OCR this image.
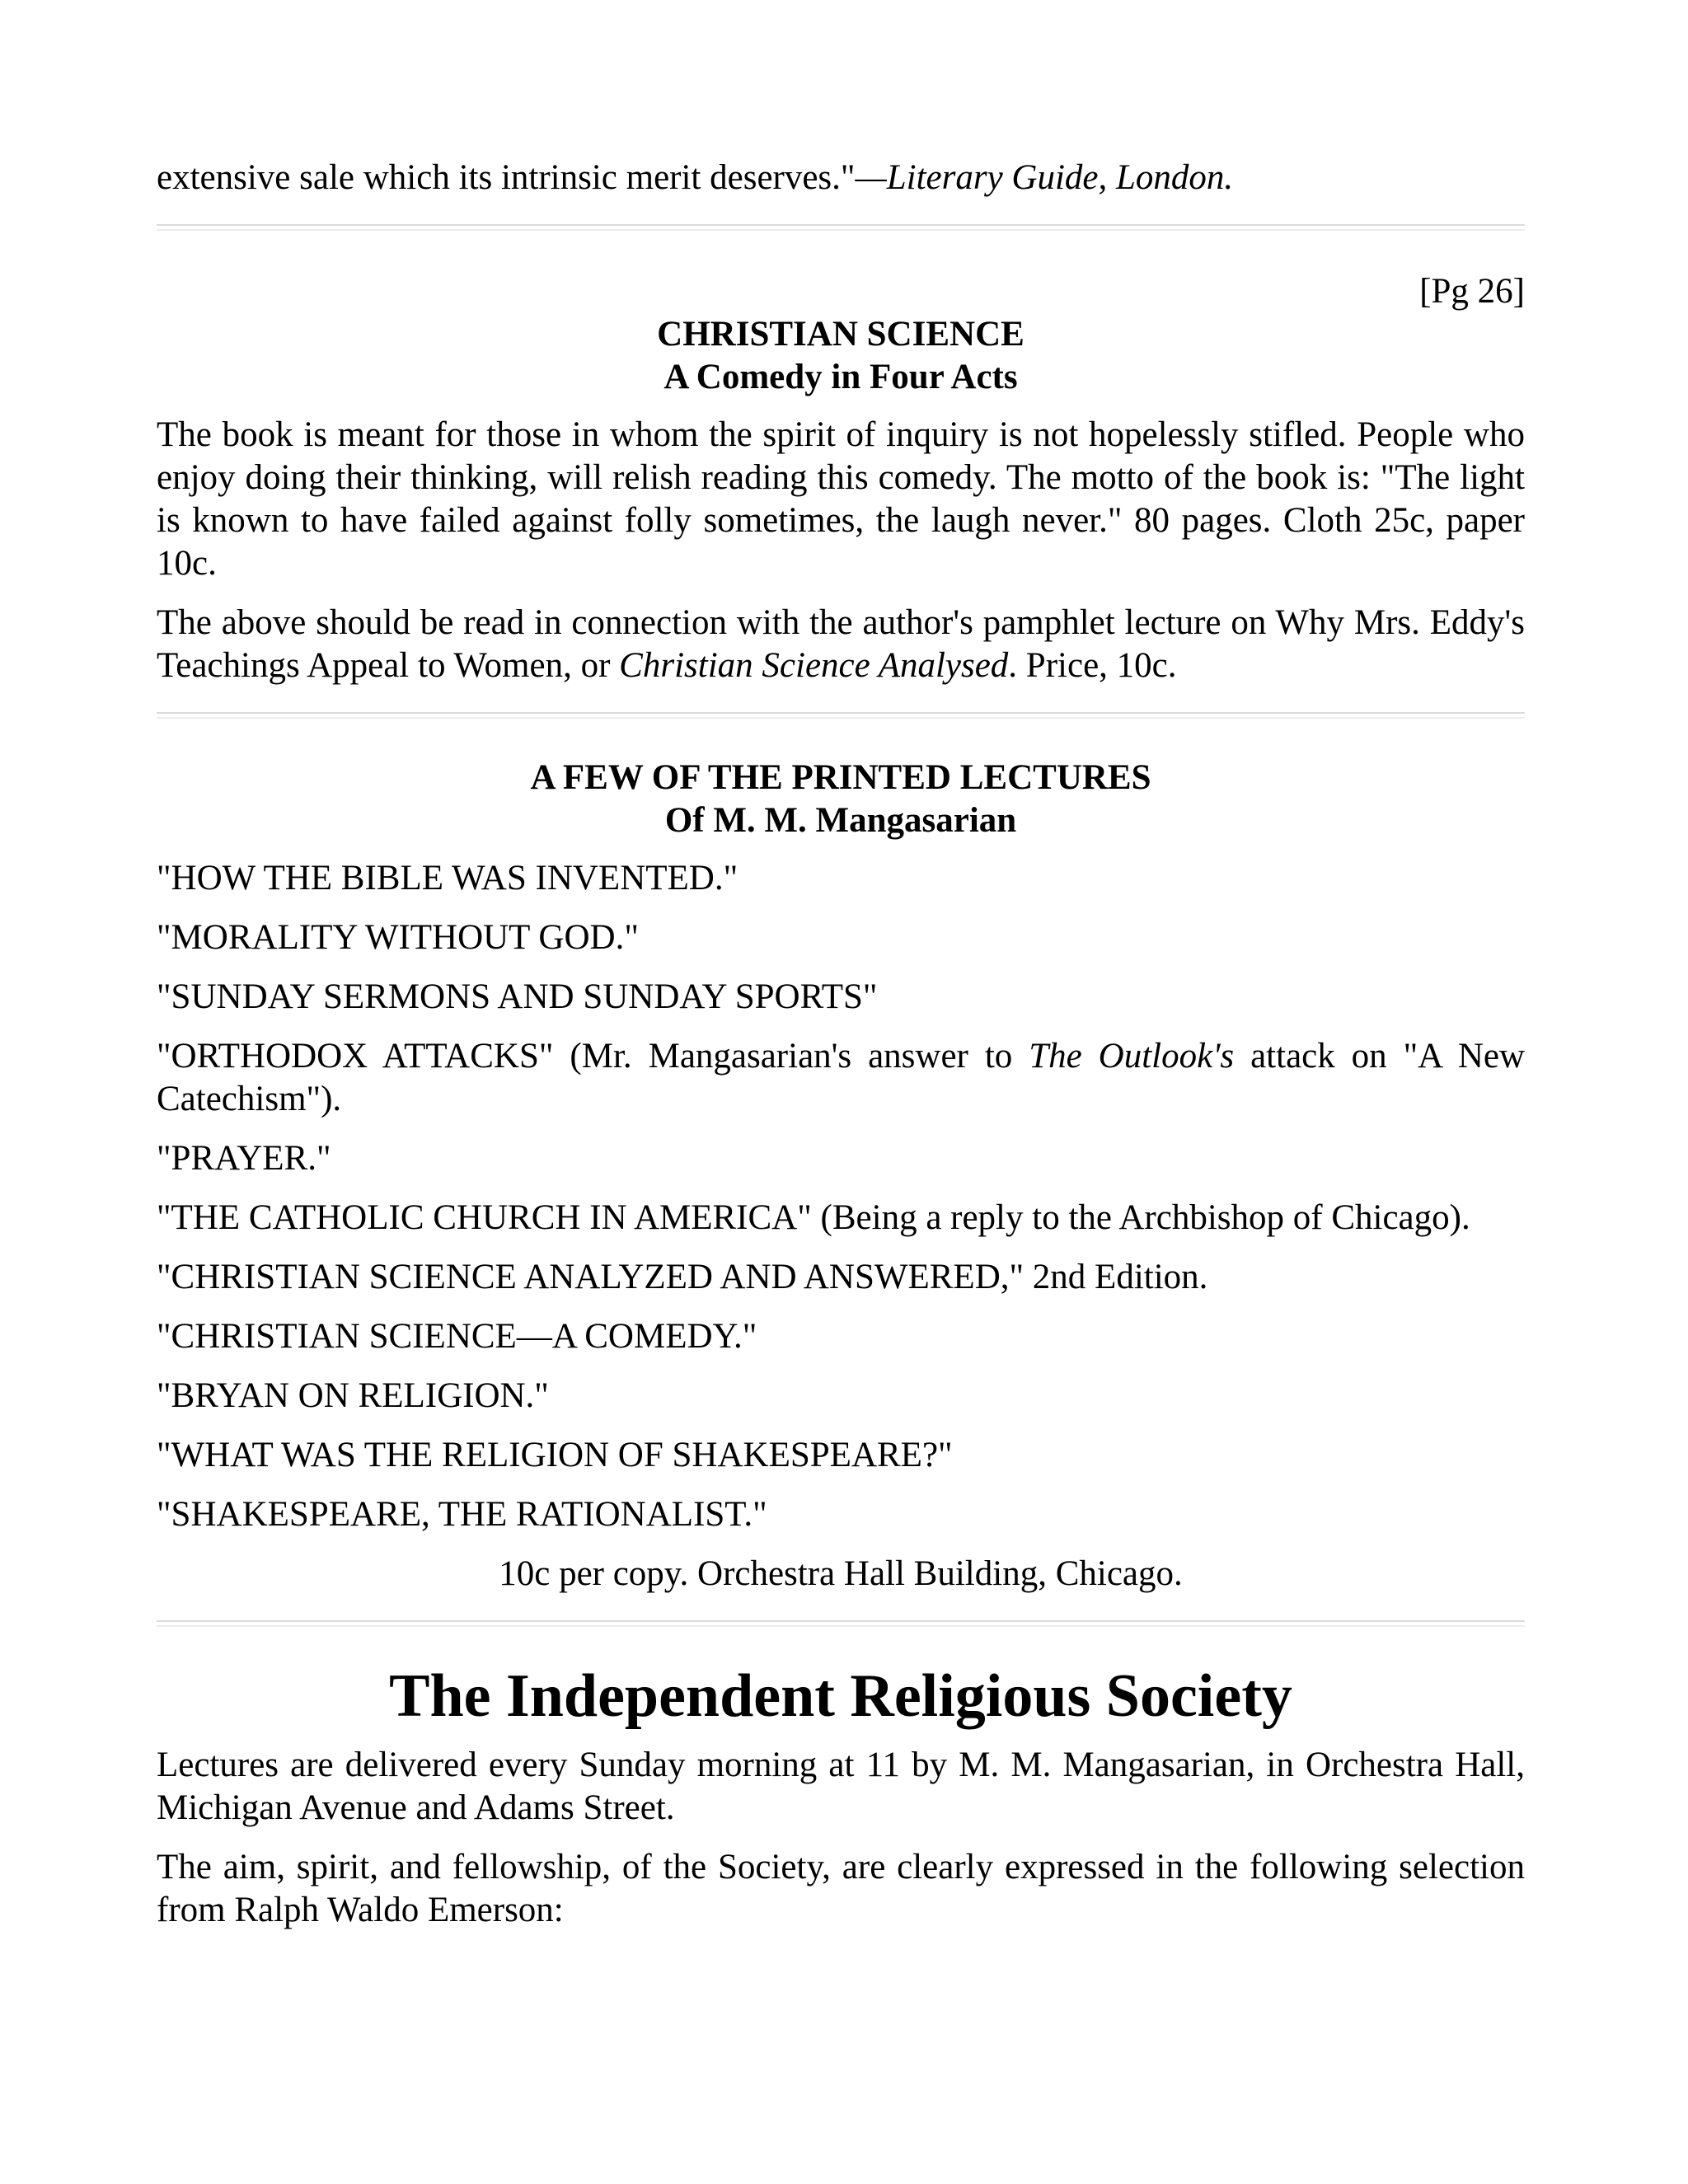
extensive sale which its intrinsic merit deserves."—Literary Guide, London.

[Pg 26]

CHRISTIAN SCIENCE

A Comedy in Four Acts

The book is meant for those in whom the spirit of inquiry is not hopelessly stifled. People who enjoy doing their thinking, will relish reading this comedy. The motto of the book is: "The light is known to have failed against folly sometimes, the laugh never." 80 pages. Cloth 25c, paper 10c.

The above should be read in connection with the author's pamphlet lecture on Why Mrs. Eddy's Teachings Appeal to Women, or Christian Science Analysed. Price, 10c.

A FEW OF THE PRINTED LECTURES

Of M. M. Mangasarian

"HOW THE BIBLE WAS INVENTED."

"MORALITY WITHOUT GOD."

"SUNDAY SERMONS AND SUNDAY SPORTS"

"ORTHODOX ATTACKS" (Mr. Mangasarian's answer to The Outlook's attack on "A New Catechism").

"PRAYER."

"THE CATHOLIC CHURCH IN AMERICA" (Being a reply to the Archbishop of Chicago).

"CHRISTIAN SCIENCE ANALYZED AND ANSWERED," 2nd Edition.

"CHRISTIAN SCIENCE—A COMEDY."

"BRYAN ON RELIGION."

"WHAT WAS THE RELIGION OF SHAKESPEARE?"

"SHAKESPEARE, THE RATIONALIST."

10c per copy. Orchestra Hall Building, Chicago.

The Independent Religious Society

Lectures are delivered every Sunday morning at 11 by M. M. Mangasarian, in Orchestra Hall, Michigan Avenue and Adams Street.

The aim, spirit, and fellowship, of the Society, are clearly expressed in the following selection from Ralph Waldo Emerson:
